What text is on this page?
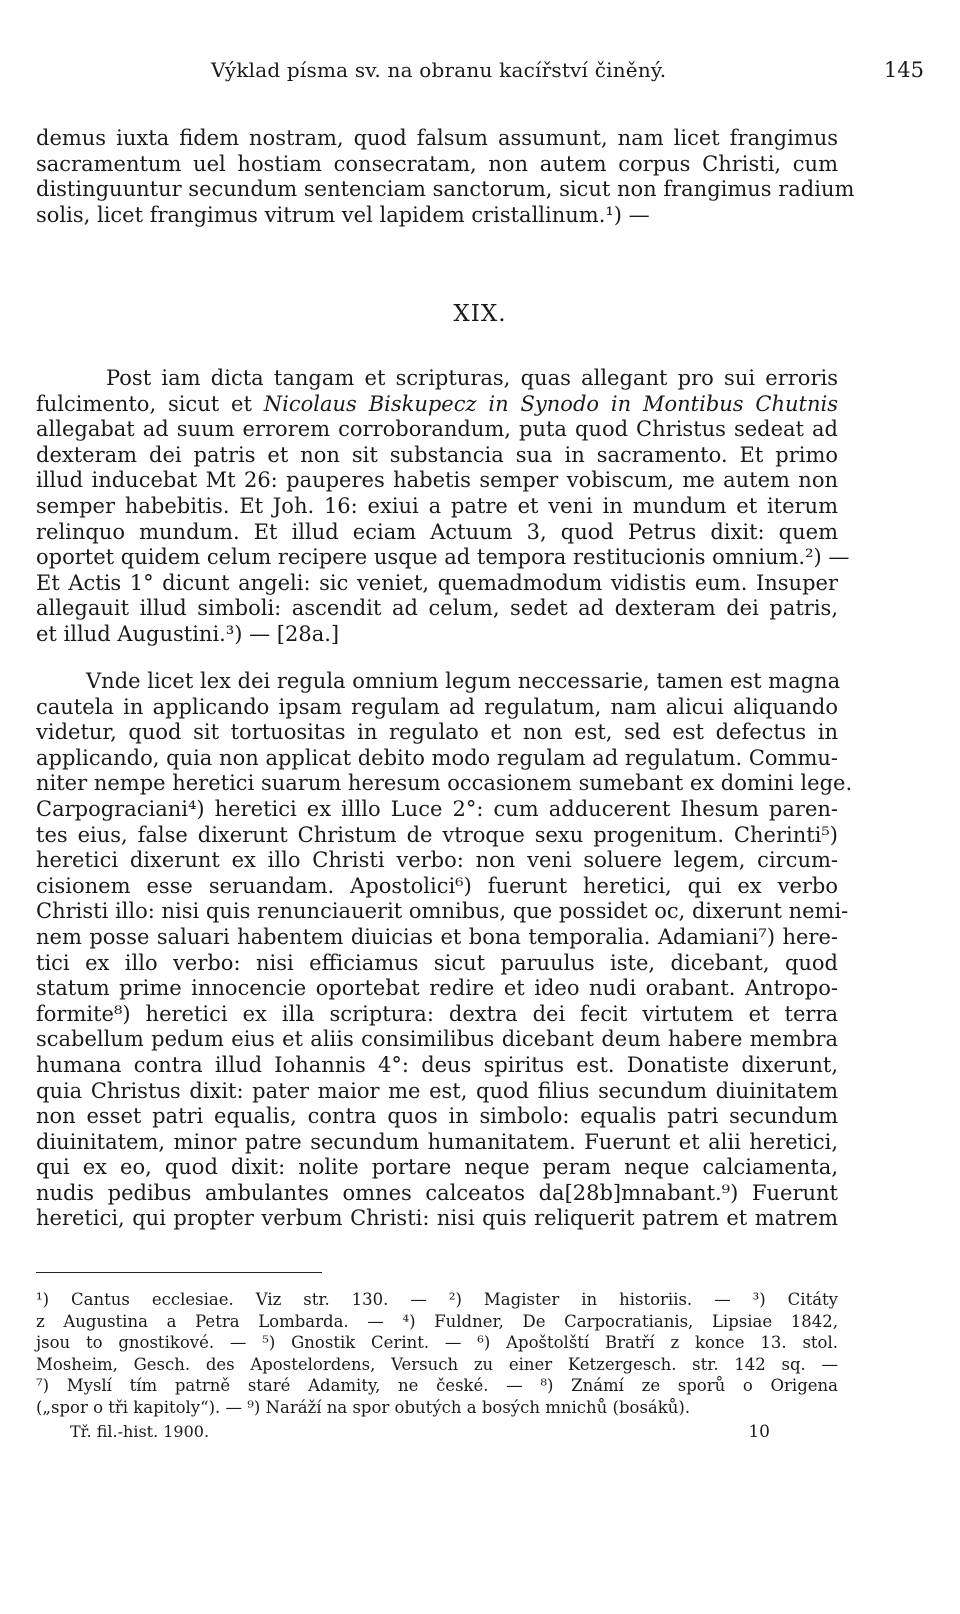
Výklad písma sv. na obranu kacířství činěný.	145

demus iuxta fidem nostram, quod falsum assumunt, nam licet frangimus
sacramentum uel hostiam consecratam, non autem corpus Christi, cum
distinguuntur secundum sentenciam sanctorum, sicut non frangimus radium
solis, licet frangimus vitrum vel lapidem cristallinum.¹) —

XIX.

Post iam dicta tangam et scripturas, quas allegant pro sui erroris
fulcimento, sicut et Nicolaus Biskupecz in Synodo in Montibus Chutnis
allegabat ad suum errorem corroborandum, puta quod Christus sedeat ad
dexteram dei patris et non sit substancia sua in sacramento. Et primo
illud inducebat Mt 26: pauperes habetis semper vobiscum, me autem non
semper habebitis. Et Joh. 16: exiui a patre et veni in mundum et iterum
relinquo mundum. Et illud eciam Actuum 3, quod Petrus dixit: quem
oportet quidem celum recipere usque ad tempora restitucionis omnium.²) —
Et Actis 1° dicunt angeli: sic veniet, quemadmodum vidistis eum. Insuper
allegauit illud simboli: ascendit ad celum, sedet ad dexteram dei patris,
et illud Augustini.³) — [28a.]

Vnde licet lex dei regula omnium legum neccessarie, tamen est magna
cautela in applicando ipsam regulam ad regulatum, nam alicui aliquando
videtur, quod sit tortuositas in regulato et non est, sed est defectus in
applicando, quia non applicat debito modo regulam ad regulatum. Commu-
niter nempe heretici suarum heresum occasionem sumebant ex domini lege.
Carpograciani⁴) heretici ex illlo Luce 2°: cum adducerent Ihesum paren-
tes eius, false dixerunt Christum de vtroque sexu progenitum. Cherinti⁵)
heretici dixerunt ex illo Christi verbo: non veni soluere legem, circum-
cisionem esse seruandam. Apostolici⁶) fuerunt heretici, qui ex verbo
Christi illo: nisi quis renunciauerit omnibus, que possidet oc, dixerunt nemi-
nem posse saluari habentem diuicias et bona temporalia. Adamiani⁷) here-
tici ex illo verbo: nisi efficiamus sicut paruulus iste, dicebant, quod
statum prime innocencie oportebat redire et ideo nudi orabant. Antropo-
formite⁸) heretici ex illa scriptura: dextra dei fecit virtutem et terra
scabellum pedum eius et aliis consimilibus dicebant deum habere membra
humana contra illud Iohannis 4°: deus spiritus est. Donatiste dixerunt,
quia Christus dixit: pater maior me est, quod filius secundum diuinitatem
non esset patri equalis, contra quos in simbolo: equalis patri secundum
diuinitatem, minor patre secundum humanitatem. Fuerunt et alii heretici,
qui ex eo, quod dixit: nolite portare neque peram neque calciamenta,
nudis pedibus ambulantes omnes calceatos da[28b]mnabant.⁹) Fuerunt
heretici, qui propter verbum Christi: nisi quis reliquerit patrem et matrem

¹) Cantus ecclesiae. Viz str. 130. — ²) Magister in historiis. — ³) Citáty
z Augustina a Petra Lombarda. — ⁴) Fuldner, De Carpocratianis, Lipsiae 1842,
jsou to gnostikové. — ⁵) Gnostik Cerint. — ⁶) Apoštolští Bratří z konce 13. stol.
Mosheim, Gesch. des Apostelordens, Versuch zu einer Ketzergesch. str. 142 sq. —
⁷) Myslí tím patrně staré Adamity, ne české. — ⁸) Známí ze sporů o Origena
(„spor o tři kapitoly“). — ⁹) Naráží na spor obutých a bosých mnichů (bosáků).
Tř. fil.-hist. 1900.	10
